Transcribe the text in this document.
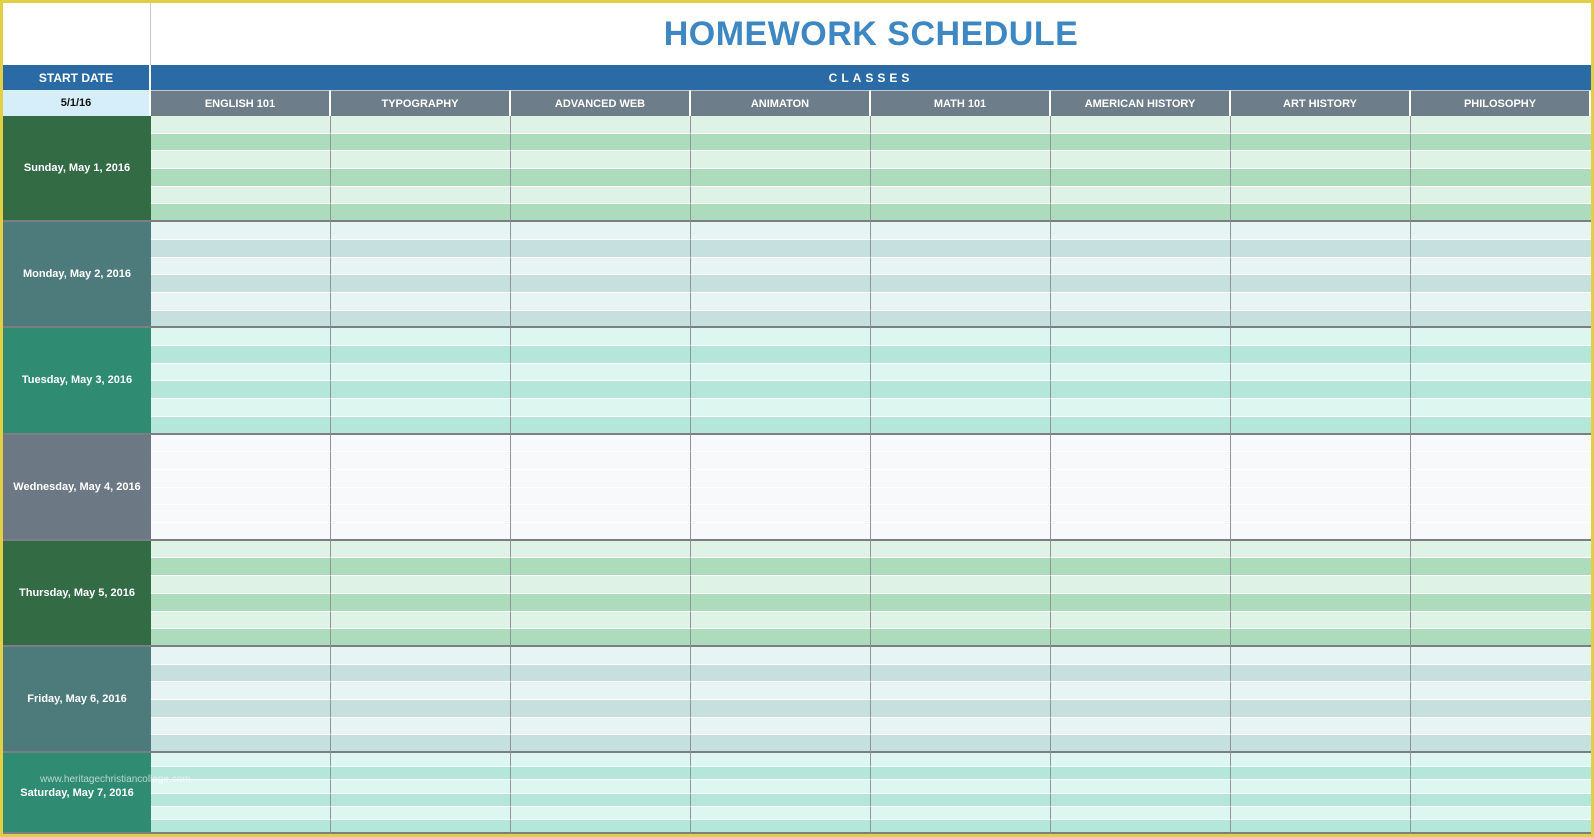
HOMEWORK SCHEDULE
START DATE	CLASSES
5/1/16	ENGLISH 101	TYPOGRAPHY	ADVANCED WEB	ANIMATON	MATH 101	AMERICAN HISTORY	ART HISTORY	PHILOSOPHY
Sunday, May 1, 2016
Monday, May 2, 2016
Tuesday, May 3, 2016
Wednesday, May 4, 2016
Thursday, May 5, 2016
Friday, May 6, 2016
Saturday, May 7, 2016
www.heritagechristiancollege.com
